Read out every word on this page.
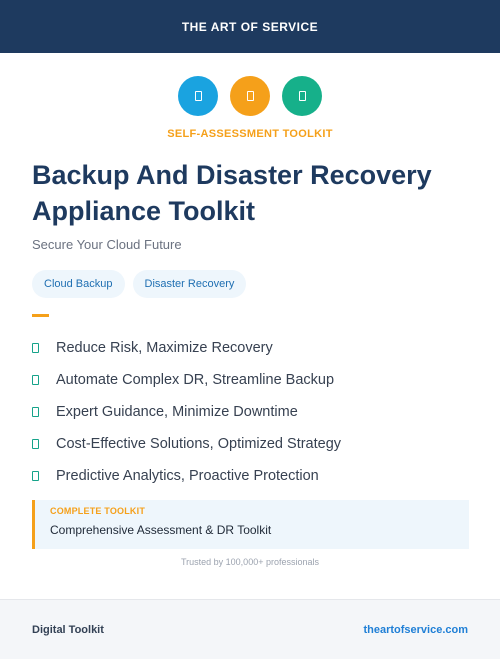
THE ART OF SERVICE
SELF-ASSESSMENT TOOLKIT
Backup And Disaster Recovery Appliance Toolkit
Secure Your Cloud Future
Cloud Backup	Disaster Recovery
Reduce Risk, Maximize Recovery
Automate Complex DR, Streamline Backup
Expert Guidance, Minimize Downtime
Cost-Effective Solutions, Optimized Strategy
Predictive Analytics, Proactive Protection
COMPLETE TOOLKIT
Comprehensive Assessment & DR Toolkit
Trusted by 100,000+ professionals
Digital Toolkit	theartofservice.com
